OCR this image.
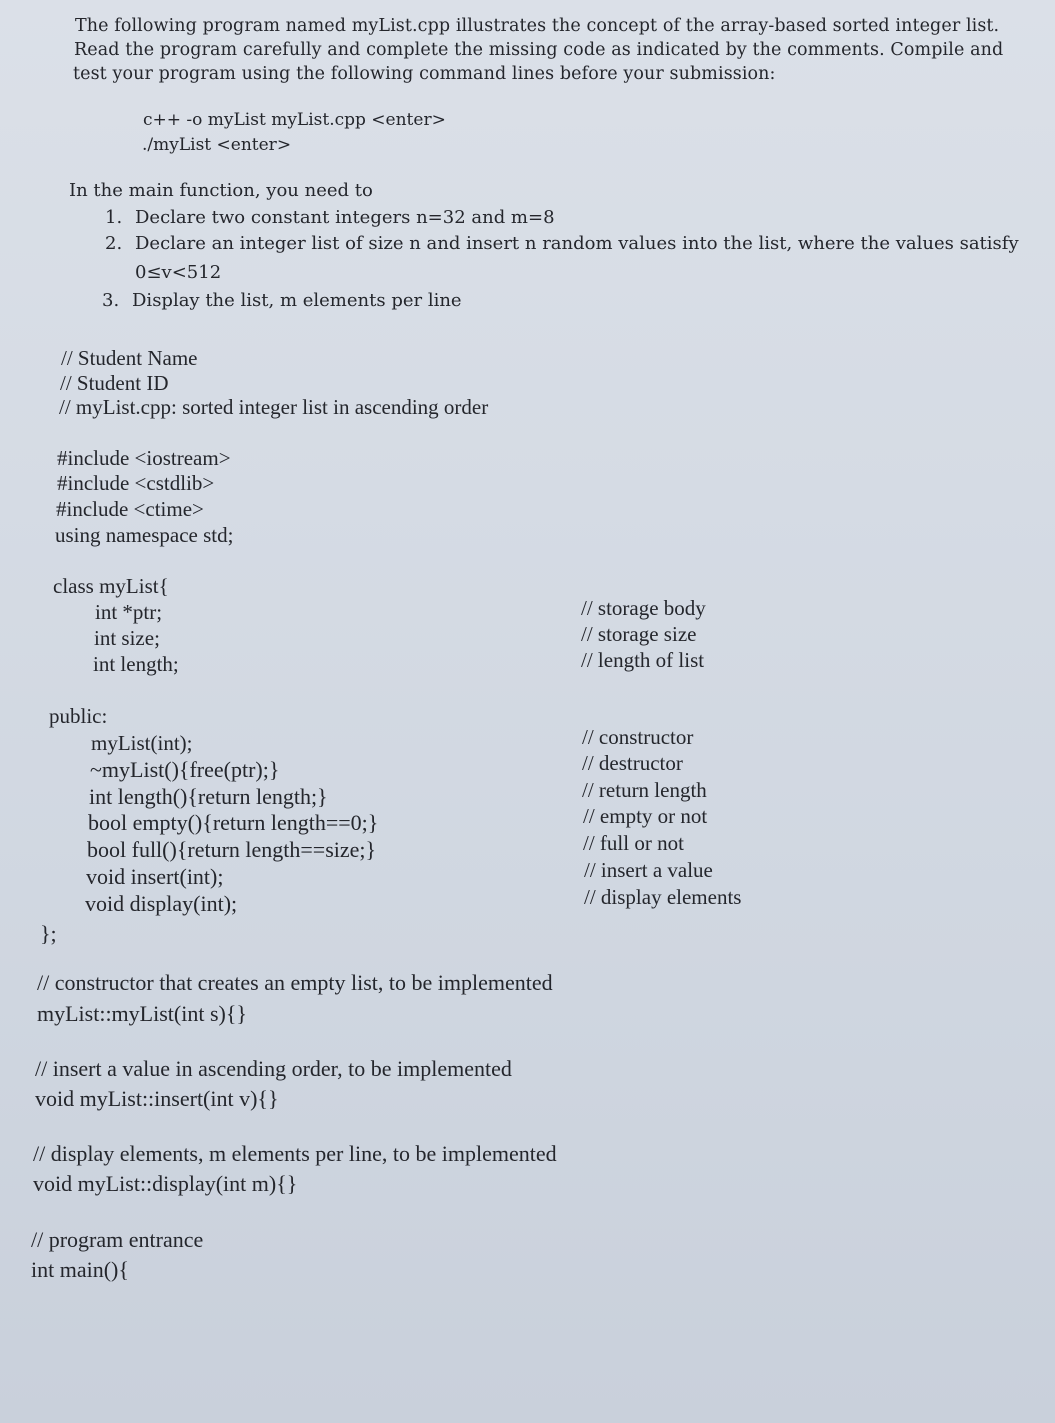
The following program named myList.cpp illustrates the concept of the array-based sorted integer list.
Read the program carefully and complete the missing code as indicated by the comments. Compile and
test your program using the following command lines before your submission:
c++ -o myList myList.cpp <enter>
./myList <enter>
In the main function, you need to
1. Declare two constant integers n=32 and m=8
2. Declare an integer list of size n and insert n random values into the list, where the values satisfy
0≤v<512
3. Display the list, m elements per line
// Student Name
// Student ID
// myList.cpp: sorted integer list in ascending order
#include <iostream>
#include <cstdlib>
#include <ctime>
using namespace std;
class myList{
int *ptr;	// storage body
int size;	// storage size
int length;	// length of list
public:
myList(int);	// constructor
~myList(){free(ptr);}	// destructor
int length(){return length;}	// return length
bool empty(){return length==0;}	// empty or not
bool full(){return length==size;}	// full or not
void insert(int);	// insert a value
void display(int);	// display elements
};
// constructor that creates an empty list, to be implemented
myList::myList(int s){}
// insert a value in ascending order, to be implemented
void myList::insert(int v){}
// display elements, m elements per line, to be implemented
void myList::display(int m){}
// program entrance
int main(){
